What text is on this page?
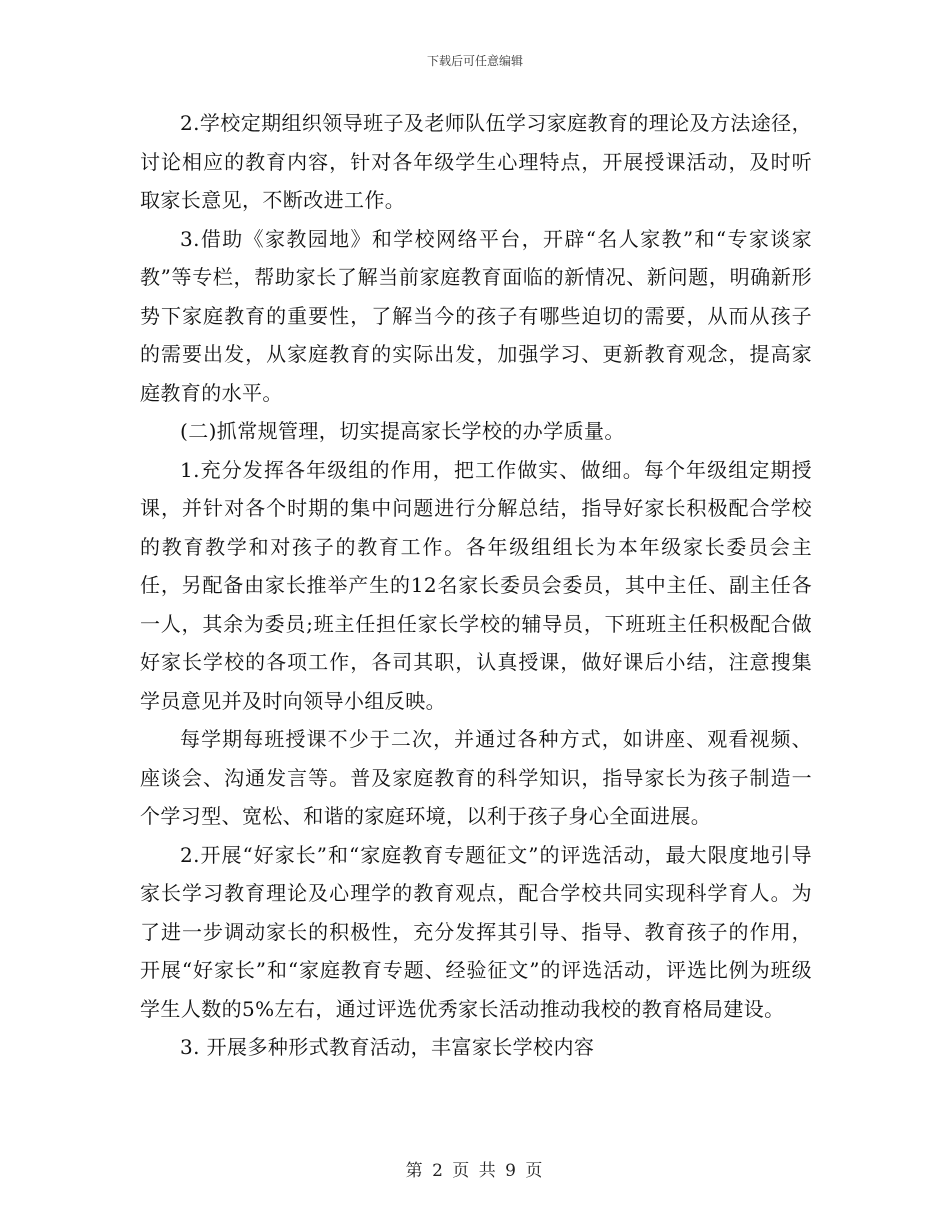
下载后可任意编辑

2.学校定期组织领导班子及老师队伍学习家庭教育的理论及方法途径，讨论相应的教育内容，针对各年级学生心理特点，开展授课活动，及时听取家长意见，不断改进工作。

3.借助《家教园地》和学校网络平台，开辟“名人家教”和“专家谈家教”等专栏，帮助家长了解当前家庭教育面临的新情况、新问题，明确新形势下家庭教育的重要性，了解当今的孩子有哪些迫切的需要，从而从孩子的需要出发，从家庭教育的实际出发，加强学习、更新教育观念，提高家庭教育的水平。

(二)抓常规管理，切实提高家长学校的办学质量。

1.充分发挥各年级组的作用，把工作做实、做细。每个年级组定期授课，并针对各个时期的集中问题进行分解总结，指导好家长积极配合学校的教育教学和对孩子的教育工作。各年级组组长为本年级家长委员会主任，另配备由家长推举产生的12名家长委员会委员，其中主任、副主任各一人，其余为委员;班主任担任家长学校的辅导员，下班班主任积极配合做好家长学校的各项工作，各司其职，认真授课，做好课后小结，注意搜集学员意见并及时向领导小组反映。

每学期每班授课不少于二次，并通过各种方式，如讲座、观看视频、座谈会、沟通发言等。普及家庭教育的科学知识，指导家长为孩子制造一个学习型、宽松、和谐的家庭环境，以利于孩子身心全面进展。

2.开展“好家长”和“家庭教育专题征文”的评选活动，最大限度地引导家长学习教育理论及心理学的教育观点，配合学校共同实现科学育人。为了进一步调动家长的积极性，充分发挥其引导、指导、教育孩子的作用，开展“好家长”和“家庭教育专题、经验征文”的评选活动，评选比例为班级学生人数的5%左右，通过评选优秀家长活动推动我校的教育格局建设。

3. 开展多种形式教育活动，丰富家长学校内容

第 2 页 共 9 页
